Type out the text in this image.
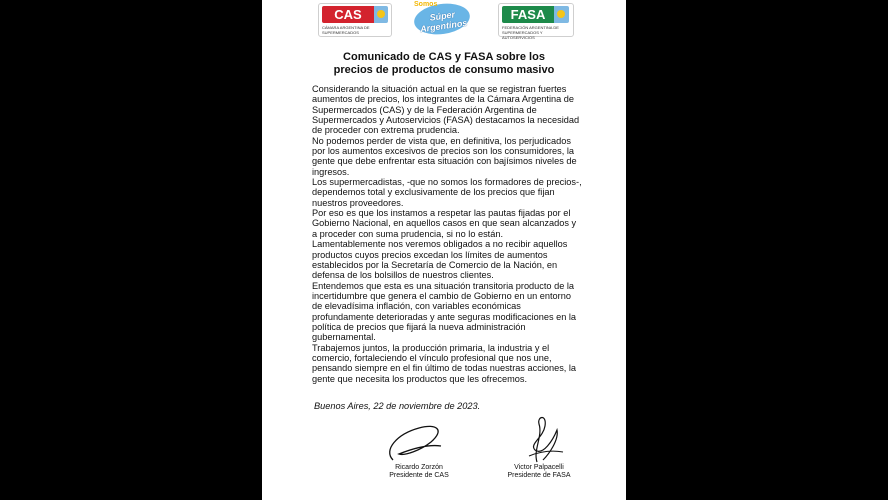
CAS
CÁMARA ARGENTINA DE SUPERMERCADOS
Somos
Súper Argentinos
FASA
FEDERACIÓN ARGENTINA DE SUPERMERCADOS Y AUTOSERVICIOS
Comunicado de CAS y FASA sobre los
precios de productos de consumo masivo

Considerando la situación actual en la que se registran fuertes aumentos de precios, los integrantes de la Cámara Argentina de Supermercados (CAS) y de la Federación Argentina de Supermercados y Autoservicios (FASA) destacamos la necesidad de proceder con extrema prudencia.

No podemos perder de vista que, en definitiva, los perjudicados por los aumentos excesivos de precios son los consumidores, la gente que debe enfrentar esta situación con bajísimos niveles de ingresos.

Los supermercadistas, -que no somos los formadores de precios-, dependemos total y exclusivamente de los precios que fijan nuestros proveedores.

Por eso es que los instamos a respetar las pautas fijadas por el Gobierno Nacional, en aquellos casos en que sean alcanzados y a proceder con suma prudencia, si no lo están.

Lamentablemente nos veremos obligados a no recibir aquellos productos cuyos precios excedan los límites de aumentos establecidos por la Secretaría de Comercio de la Nación, en defensa de los bolsillos de nuestros clientes.

Entendemos que esta es una situación transitoria producto de la incertidumbre que genera el cambio de Gobierno en un entorno de elevadísima inflación, con variables económicas profundamente deterioradas y ante seguras modificaciones en la política de precios que fijará la nueva administración gubernamental.

Trabajemos juntos, la producción primaria, la industria y el comercio, fortaleciendo el vínculo profesional que nos une, pensando siempre en el fin último de todas nuestras acciones, la gente que necesita los productos que les ofrecemos.

Buenos Aires, 22 de noviembre de 2023.
Ricardo Zorzón
Presidente de CAS
Victor Palpacelli
Presidente de FASA
